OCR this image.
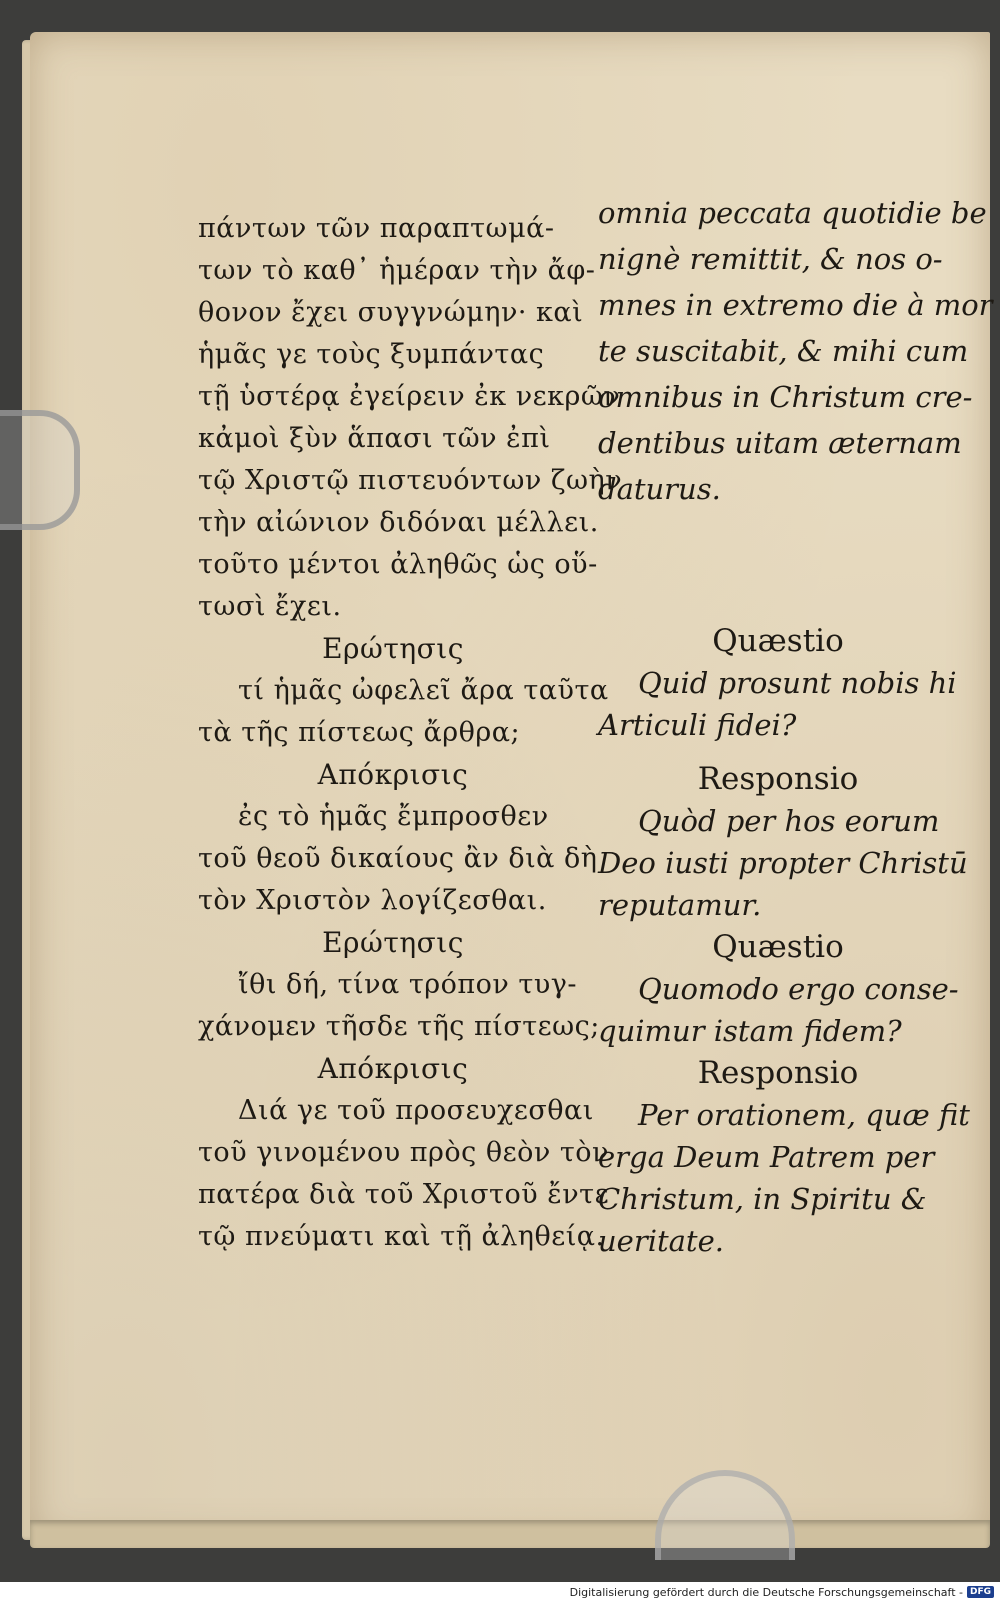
πάντων τῶν παραπτωμά-
των τὸ καθ᾽ ἡμέραν τὴν ἄφ-
θονον ἔχει συγγνώμην· καὶ
ἡμᾶς γε τοὺς ξυμπάντας
τῇ ὑστέρᾳ ἐγείρειν ἐκ νεκρῶν
κἀμοὶ ξὺν ἅπασι τῶν ἐπὶ
τῷ Χριστῷ πιστευόντων ζωὴν
τὴν αἰώνιον διδόναι μέλλει.
τοῦτο μέντοι ἀληθῶς ὡς οὕ-
τωσὶ ἔχει.
Ερώτησις
τί ἡμᾶς ὠφελεῖ ἄρα ταῦτα
τὰ τῆς πίστεως ἄρθρα;
Απόκρισις
ἐς τὸ ἡμᾶς ἔμπροσθεν
τοῦ θεοῦ δικαίους ἂν διὰ δὴ
τὸν Χριστὸν λογίζεσθαι.
Ερώτησις
ἴθι δή, τίνα τρόπον τυγ-
χάνομεν τῆσδε τῆς πίστεως;
Απόκρισις
Διά γε τοῦ προσευχεσθαι
τοῦ γινομένου πρὸς θεὸν τὸν
πατέρα διὰ τοῦ Χριστοῦ ἔντε
τῷ πνεύματι καὶ τῇ ἀληθείᾳ.
omnia peccata quotidie be
nignè remittit, & nos o-
mnes in extremo die à mor
te suscitabit, & mihi cum
omnibus in Christum cre-
dentibus uitam æternam
daturus.
Quæstio
Quid prosunt nobis hi
Articuli fidei?
Responsio
Quòd per hos eorum
Deo iusti propter Christū
reputamur.
Quæstio
Quomodo ergo conse-
quimur istam fidem?
Responsio
Per orationem, quæ fit
erga Deum Patrem per
Christum, in Spiritu &
ueritate.
Digitalisierung gefördert durch die Deutsche Forschungsgemeinschaft - DFG
